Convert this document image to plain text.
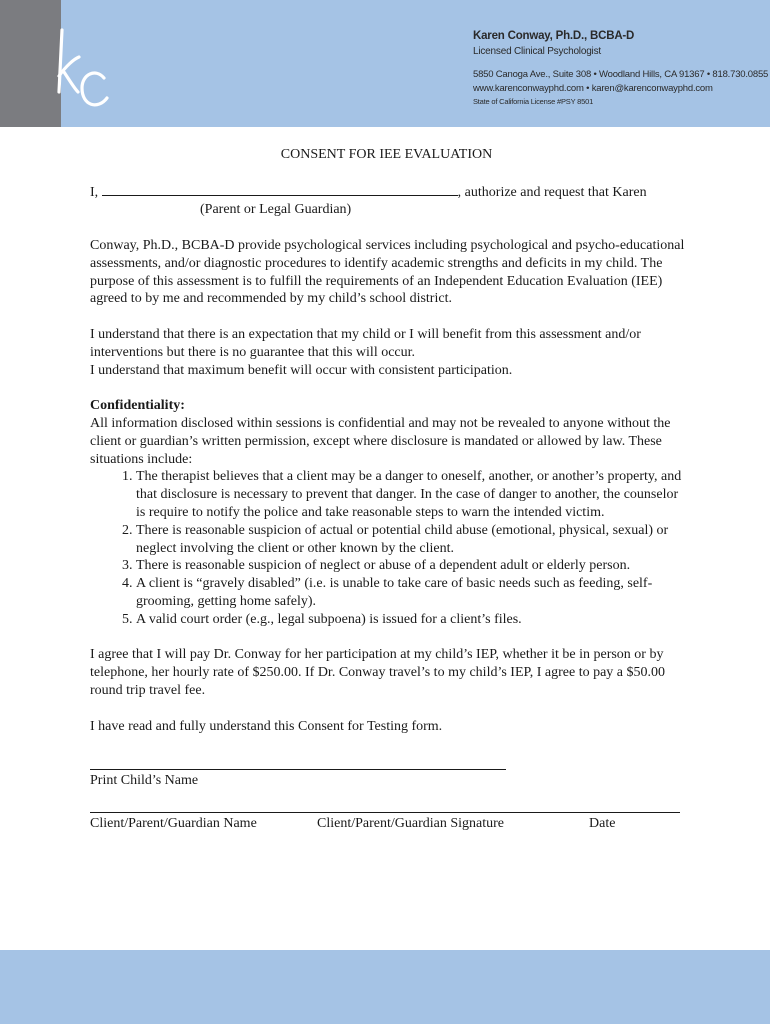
Karen Conway, Ph.D., BCBA-D
Licensed Clinical Psychologist
5850 Canoga Ave., Suite 308 • Woodland Hills, CA 91367 • 818.730.0855
www.karenconwayphd.com • karen@karenconwayphd.com
State of California License #PSY 8501
CONSENT FOR IEE EVALUATION
I,	, authorize and request that Karen
(Parent or Legal Guardian)

Conway, Ph.D., BCBA-D provide psychological services including psychological and psycho-educational assessments, and/or diagnostic procedures to identify academic strengths and deficits in my child. The purpose of this assessment is to fulfill the requirements of an Independent Education Evaluation (IEE) agreed to by me and recommended by my child’s school district.

I understand that there is an expectation that my child or I will benefit from this assessment and/or interventions but there is no guarantee that this will occur.

I understand that maximum benefit will occur with consistent participation.

Confidentiality:

All information disclosed within sessions is confidential and may not be revealed to anyone without the client or guardian’s written permission, except where disclosure is mandated or allowed by law. These situations include:

1. The therapist believes that a client may be a danger to oneself, another, or another’s property, and that disclosure is necessary to prevent that danger. In the case of danger to another, the counselor is require to notify the police and take reasonable steps to warn the intended victim.
2. There is reasonable suspicion of actual or potential child abuse (emotional, physical, sexual) or neglect involving the client or other known by the client.
3. There is reasonable suspicion of neglect or abuse of a dependent adult or elderly person.
4. A client is “gravely disabled” (i.e. is unable to take care of basic needs such as feeding, self-grooming, getting home safely).
5. A valid court order (e.g., legal subpoena) is issued for a client’s files.

I agree that I will pay Dr. Conway for her participation at my child’s IEP, whether it be in person or by telephone, her hourly rate of $250.00. If Dr. Conway travel’s to my child’s IEP, I agree to pay a $50.00 round trip travel fee.

I have read and fully understand this Consent for Testing form.

Print Child’s Name
Client/Parent/Guardian Name	Client/Parent/Guardian Signature	Date
